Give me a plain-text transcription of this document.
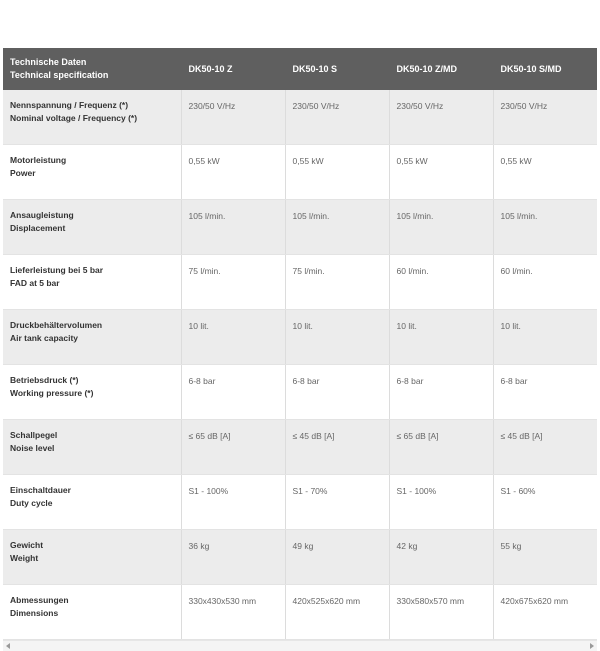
Technische Daten
Technical specification	DK50-10 Z	DK50-10 S	DK50-10 Z/MD	DK50-10 S/MD

Nennspannung / Frequenz (*)
Nominal voltage / Frequency (*)	230/50 V/Hz	230/50 V/Hz	230/50 V/Hz	230/50 V/Hz

Motorleistung
Power	0,55 kW	0,55 kW	0,55 kW	0,55 kW

Ansaugleistung
Displacement	105 l/min.	105 l/min.	105 l/min.	105 l/min.

Lieferleistung bei 5 bar
FAD at 5 bar	75 l/min.	75 l/min.	60 l/min.	60 l/min.

Druckbehältervolumen
Air tank capacity	10 lit.	10 lit.	10 lit.	10 lit.

Betriebsdruck (*)
Working pressure (*)	6-8 bar	6-8 bar	6-8 bar	6-8 bar

Schallpegel
Noise level	≤ 65 dB [A]	≤ 45 dB [A]	≤ 65 dB [A]	≤ 45 dB [A]

Einschaltdauer
Duty cycle	S1 - 100%	S1 - 70%	S1 - 100%	S1 - 60%

Gewicht
Weight	36 kg	49 kg	42 kg	55 kg

Abmessungen
Dimensions	330x430x530 mm	420x525x620 mm	330x580x570 mm	420x675x620 mm
